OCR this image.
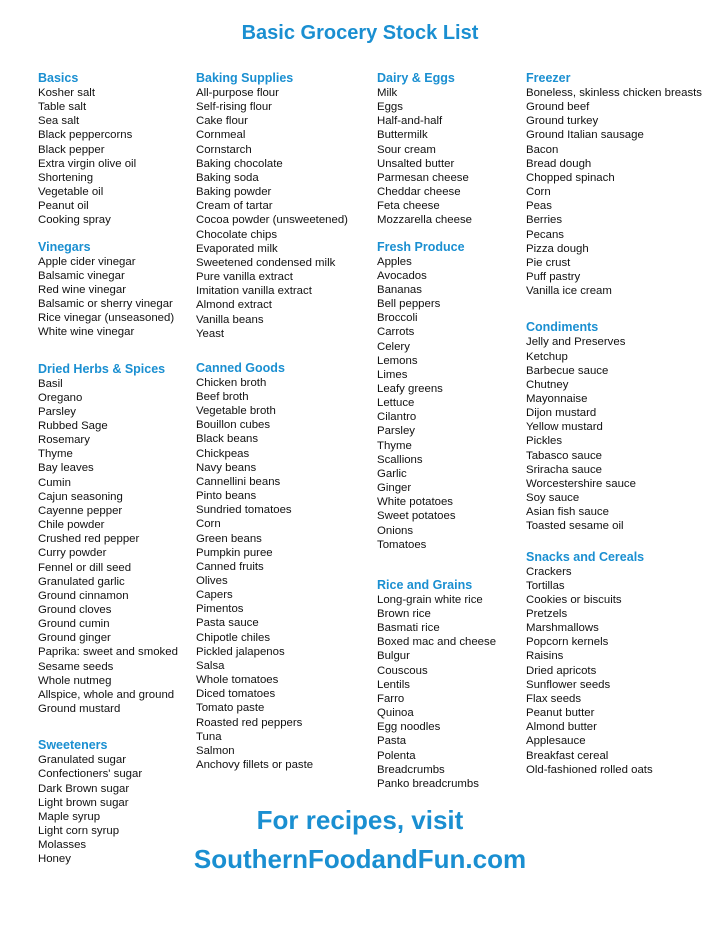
Basic Grocery Stock List
Basics
Kosher salt
Table salt
Sea salt
Black peppercorns
Black pepper
Extra virgin olive oil
Shortening
Vegetable oil
Peanut oil
Cooking spray
Vinegars
Apple cider vinegar
Balsamic vinegar
Red wine vinegar
Balsamic or sherry vinegar
Rice vinegar (unseasoned)
White wine vinegar
Dried Herbs & Spices
Basil
Oregano
Parsley
Rubbed Sage
Rosemary
Thyme
Bay leaves
Cumin
Cajun seasoning
Cayenne pepper
Chile powder
Crushed red pepper
Curry powder
Fennel or dill seed
Granulated garlic
Ground cinnamon
Ground cloves
Ground cumin
Ground ginger
Paprika: sweet and smoked
Sesame seeds
Whole nutmeg
Allspice, whole and ground
Ground mustard
Sweeteners
Granulated sugar
Confectioners' sugar
Dark Brown sugar
Light brown sugar
Maple syrup
Light corn syrup
Molasses
Honey
Baking Supplies
All-purpose flour
Self-rising flour
Cake flour
Cornmeal
Cornstarch
Baking chocolate
Baking soda
Baking powder
Cream of tartar
Cocoa powder (unsweetened)
Chocolate chips
Evaporated milk
Sweetened condensed milk
Pure vanilla extract
Imitation vanilla extract
Almond extract
Vanilla beans
Yeast
Canned Goods
Chicken broth
Beef broth
Vegetable broth
Bouillon cubes
Black beans
Chickpeas
Navy beans
Cannellini beans
Pinto beans
Sundried tomatoes
Corn
Green beans
Pumpkin puree
Canned fruits
Olives
Capers
Pimentos
Pasta sauce
Chipotle chiles
Pickled jalapenos
Salsa
Whole tomatoes
Diced tomatoes
Tomato paste
Roasted red peppers
Tuna
Salmon
Anchovy fillets or paste
Dairy & Eggs
Milk
Eggs
Half-and-half
Buttermilk
Sour cream
Unsalted butter
Parmesan cheese
Cheddar cheese
Feta cheese
Mozzarella cheese
Fresh Produce
Apples
Avocados
Bananas
Bell peppers
Broccoli
Carrots
Celery
Lemons
Limes
Leafy greens
Lettuce
Cilantro
Parsley
Thyme
Scallions
Garlic
Ginger
White potatoes
Sweet potatoes
Onions
Tomatoes
Rice and Grains
Long-grain white rice
Brown rice
Basmati rice
Boxed mac and cheese
Bulgur
Couscous
Lentils
Farro
Quinoa
Egg noodles
Pasta
Polenta
Breadcrumbs
Panko breadcrumbs
Freezer
Boneless, skinless chicken breasts
Ground beef
Ground turkey
Ground Italian sausage
Bacon
Bread dough
Chopped spinach
Corn
Peas
Berries
Pecans
Pizza dough
Pie crust
Puff pastry
Vanilla ice cream
Condiments
Jelly and Preserves
Ketchup
Barbecue sauce
Chutney
Mayonnaise
Dijon mustard
Yellow mustard
Pickles
Tabasco sauce
Sriracha sauce
Worcestershire sauce
Soy sauce
Asian fish sauce
Toasted sesame oil
Snacks and Cereals
Crackers
Tortillas
Cookies or biscuits
Pretzels
Marshmallows
Popcorn kernels
Raisins
Dried apricots
Sunflower seeds
Flax seeds
Peanut butter
Almond butter
Applesauce
Breakfast cereal
Old-fashioned rolled oats
For recipes, visit
SouthernFoodandFun.com
